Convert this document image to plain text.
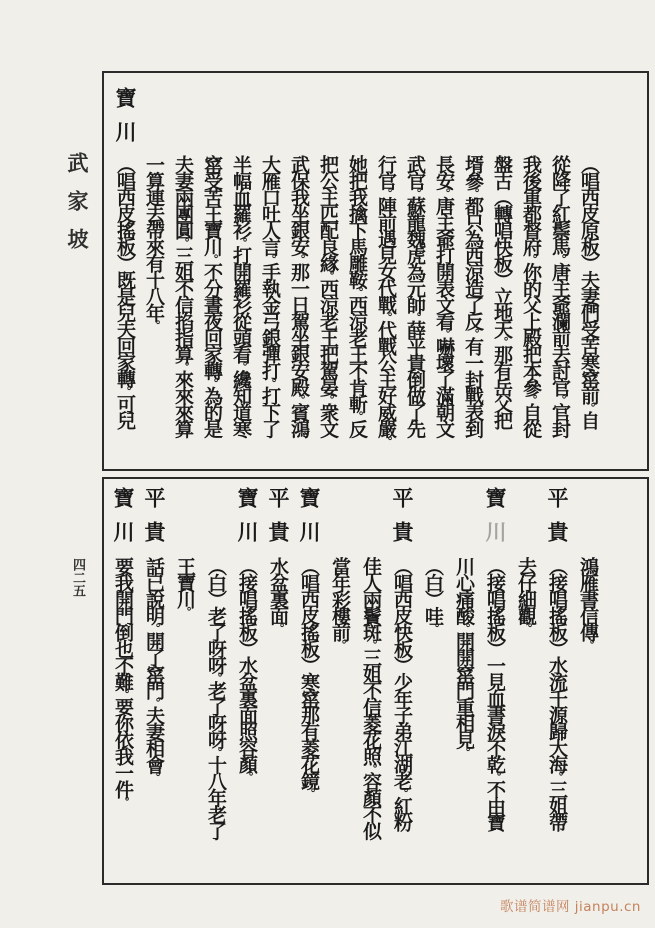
武家坡
四二五
（唱西皮原板）夫妻們受苦寒窰前。自
從降了紅鬃馬。唐主爺瀾前去討官。官封
我後軍都督府。你的父上殿把本參。自從
盤古（轉唱快板）立地天。那有岳父把
壻參。都只為西涼造了反。有一封戰表到
長安。唐主爺打開表文看。嚇壞了滿朝文
武官。蘇龍魏虎為元帥。薛平貴倒做了先
行官。陣前遇見女代戰。代戰公主好威嚴。
她把我擒下馬雕鞍。西涼老王不肯斬。反
把公主匹配良緣。西涼老王把駕晏。衆文
武保我坐銀安。那一日駕坐銀安殿。賓鴻
大雁口吐人言。手執金弓銀彈打。打下了
半幅血羅衫。打開羅衫從頭看。纔知道寒
窰受苦王寶川。不分晝夜回家轉。為的是
夫妻兩團圓。三姐不信掐指算。來來來算
一算連去帶來有十八年。
寶川
（唱西皮搖板）既是兒夫回家轉。可兒
鴻雁書信傳。
平貴
（接唱搖板）水流千源歸大海。三姐帶
去仔細觀。
寶川
（接唱搖板）一見血書淚不乾。不由寶
川心痛酸。開開窰門重相見。
（白）哇。
平貴
（唱西皮快板）少年子弟江湖老。紅粉
佳人兩鬢斑。三姐不信菱花照。容顏不似
當年彩樓前。
寶川
（唱西皮搖板）寒窰那有菱花鏡。
平貴
水盆裏面。
寶川
（接唱搖板）水盆裏面照容顏。
（白）老了呀呀。老了呀呀。十八年老了
王寶川。
平貴
話已說明。開了窰門。夫妻相會。
寶川
要我開門倒也不難。要你依我一件。
歌谱简谱网 jianpu.cn
